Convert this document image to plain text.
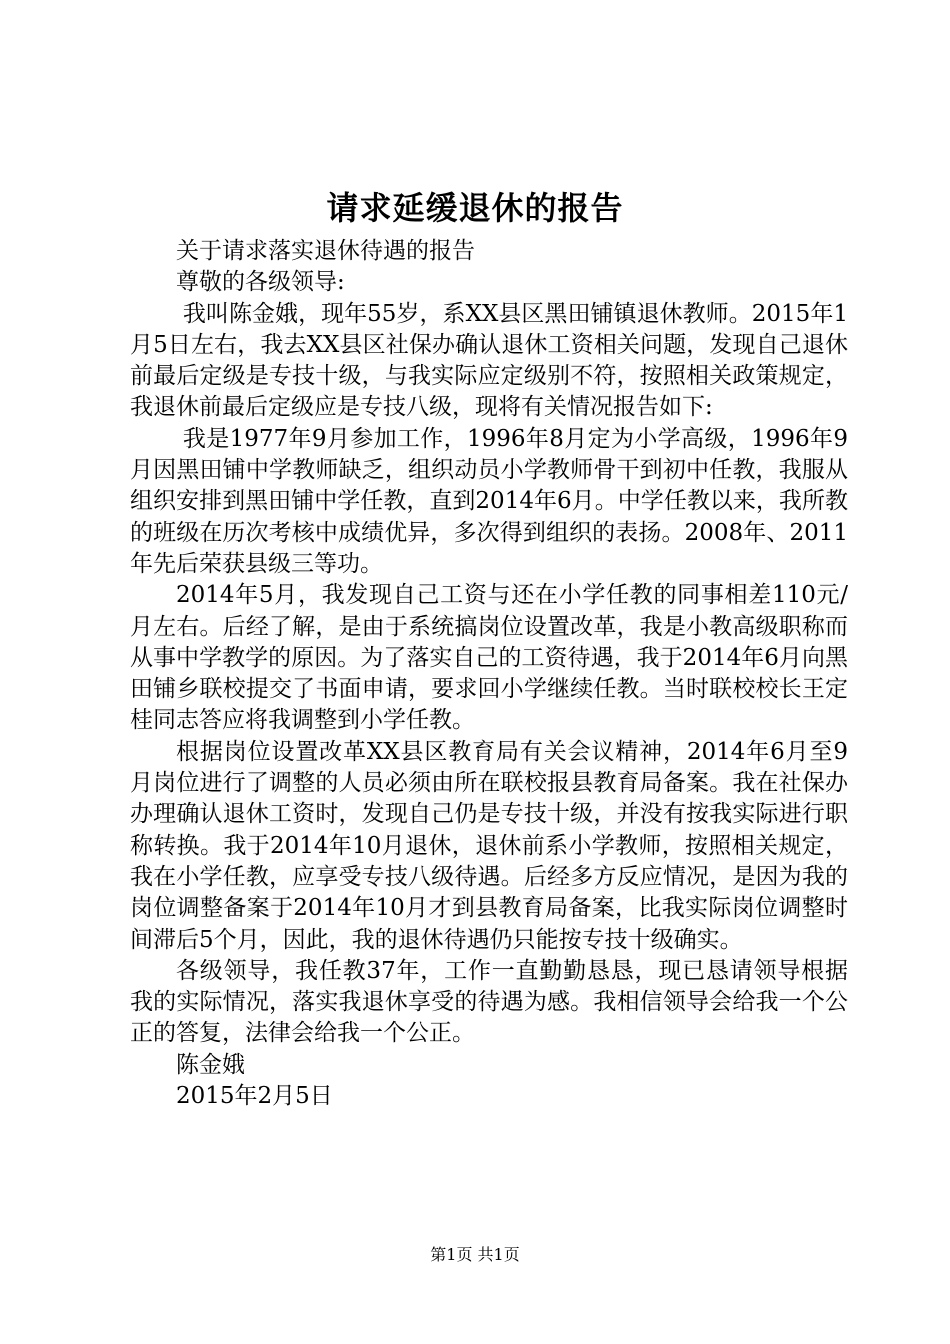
请求延缓退休的报告

关于请求落实退休待遇的报告

尊敬的各级领导:

我叫陈金娥，现年55岁，系XX县区黑田铺镇退休教师。2015年1月5日左右，我去XX县区社保办确认退休工资相关问题，发现自己退休前最后定级是专技十级，与我实际应定级别不符，按照相关政策规定，我退休前最后定级应是专技八级，现将有关情况报告如下:

我是1977年9月参加工作，1996年8月定为小学高级，1996年9月因黑田铺中学教师缺乏，组织动员小学教师骨干到初中任教，我服从组织安排到黑田铺中学任教，直到2014年6月。中学任教以来，我所教的班级在历次考核中成绩优异，多次得到组织的表扬。2008年、2011年先后荣获县级三等功。

2014年5月，我发现自己工资与还在小学任教的同事相差110元/月左右。后经了解，是由于系统搞岗位设置改革，我是小教高级职称而从事中学教学的原因。为了落实自己的工资待遇，我于2014年6月向黑田铺乡联校提交了书面申请，要求回小学继续任教。当时联校校长王定桂同志答应将我调整到小学任教。

根据岗位设置改革XX县区教育局有关会议精神，2014年6月至9月岗位进行了调整的人员必须由所在联校报县教育局备案。我在社保办办理确认退休工资时，发现自己仍是专技十级，并没有按我实际进行职称转换。我于2014年10月退休，退休前系小学教师，按照相关规定，我在小学任教，应享受专技八级待遇。后经多方反应情况，是因为我的岗位调整备案于2014年10月才到县教育局备案，比我实际岗位调整时间滞后5个月，因此，我的退休待遇仍只能按专技十级确实。

各级领导，我任教37年，工作一直勤勤恳恳，现已恳请领导根据我的实际情况，落实我退休享受的待遇为感。我相信领导会给我一个公正的答复，法律会给我一个公正。

陈金娥

2015年2月5日

第1页 共1页
